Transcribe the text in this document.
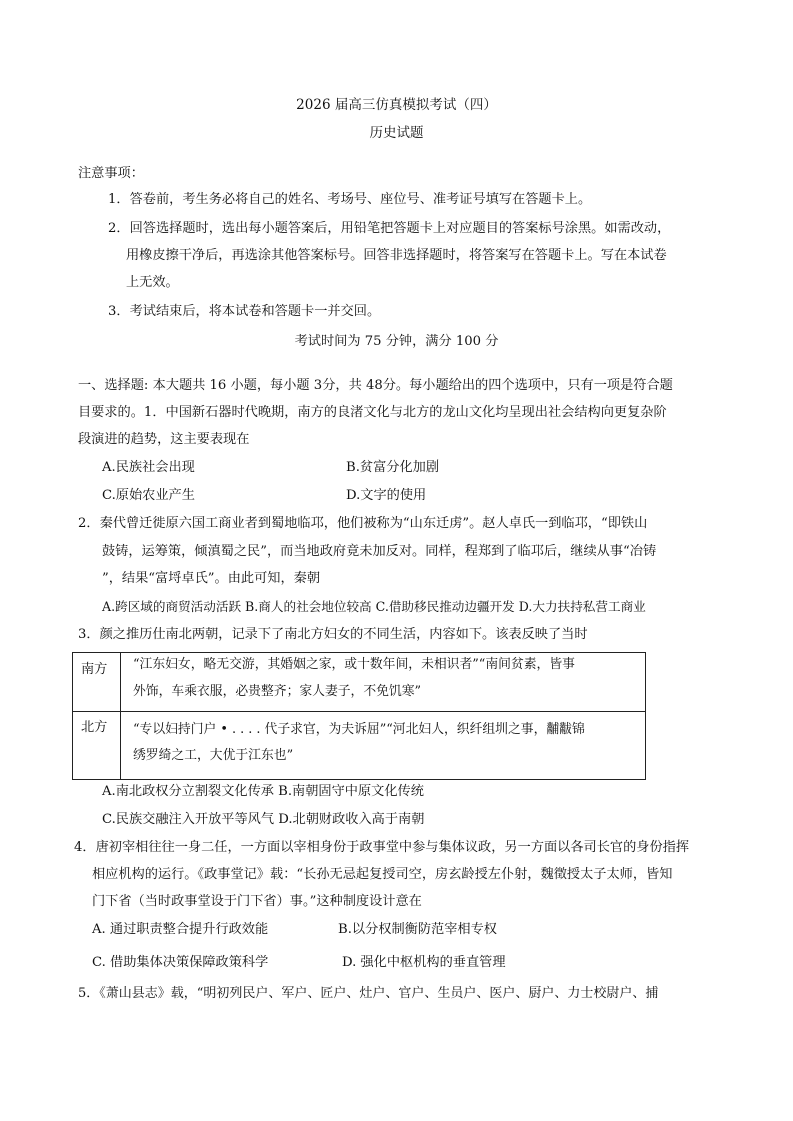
2026 届高三仿真模拟考试（四）
历史试题
注意事项：
1．答卷前，考生务必将自己的姓名、考场号、座位号、准考证号填写在答题卡上。
2．回答选择题时，选出每小题答案后，用铅笔把答题卡上对应题目的答案标号涂黑。如需改动，
用橡皮擦干净后，再选涂其他答案标号。回答非选择题时，将答案写在答题卡上。写在本试卷
上无效。
3．考试结束后，将本试卷和答题卡一并交回。
考试时间为 75 分钟，满分 100 分
一、选择题: 本大题共 16 小题，每小题 3分，共 48分。每小题给出的四个选项中，只有一项是符合题
目要求的。1．中国新石器时代晚期，南方的良渚文化与北方的龙山文化均呈现出社会结构向更复杂阶
段演进的趋势，这主要表现在
A.民族社会出现	B.贫富分化加剧
C.原始农业产生	D.文字的使用
2．秦代曾迁徙原六国工商业者到蜀地临邛，他们被称为“山东迁虏”。赵人卓氏一到临邛，“即铁山
鼓铸，运筹策，倾滇蜀之民”，而当地政府竟未加反对。同样，程郑到了临邛后，继续从事“冶铸
”，结果“富埒卓氏”。由此可知，秦朝
A.跨区域的商贸活动活跃 B.商人的社会地位较高 C.借助移民推动边疆开发 D.大力扶持私营工商业
3．颜之推历仕南北两朝，记录下了南北方妇女的不同生活，内容如下。该表反映了当时
南方 “江东妇女，略无交游，其婚姻之家，或十数年间，未相识者”“南间贫素，皆事
外饰，车乘衣服，必贵整齐；家人妻子，不免饥寒”
北方 “专以妇持门户 • . . . . 代子求官，为夫诉屈”“河北妇人，织纤组圳之事，黼黻锦
绣罗绮之工，大优于江东也”
A.南北政权分立割裂文化传承 B.南朝固守中原文化传统
C.民族交融注入开放平等风气 D.北朝财政收入高于南朝
4．唐初宰相往往一身二任，一方面以宰相身份于政事堂中参与集体议政，另一方面以各司长官的身份指挥
相应机构的运行。《政事堂记》载：“长孙无忌起复授司空，房玄龄授左仆射，魏徵授太子太师，皆知
门下省（当时政事堂设于门下省）事。”这种制度设计意在
A. 通过职责整合提升行政效能	B.以分权制衡防范宰相专权
C. 借助集体决策保障政策科学	D. 强化中枢机构的垂直管理
5．《萧山县志》载，“明初列民户、军户、匠户、灶户、官户、生员户、医户、厨户、力士校尉户、捕
